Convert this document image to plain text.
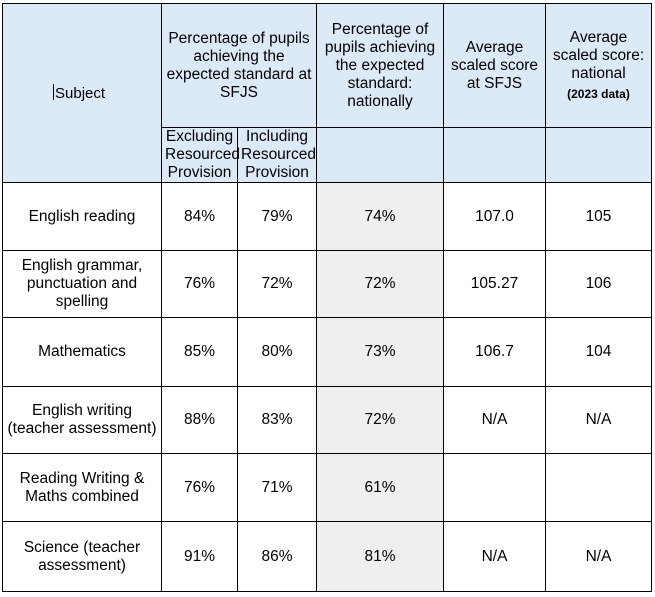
Subject	Percentage of pupils achieving the expected standard at SFJS		Percentage of pupils achieving the expected standard: nationally	Average scaled score at SFJS	Average scaled score: national
(2023 data)

	Excluding Resourced Provision	Including Resourced Provision			
English reading	84%	79%	74%	107.0	105
English grammar, punctuation and spelling	76%	72%	72%	105.27	106
Mathematics	85%	80%	73%	106.7	104
English writing (teacher assessment)	88%	83%	72%	N/A	N/A
Reading Writing & Maths combined	76%	71%	61%		
Science (teacher assessment)	91%	86%	81%	N/A	N/A
